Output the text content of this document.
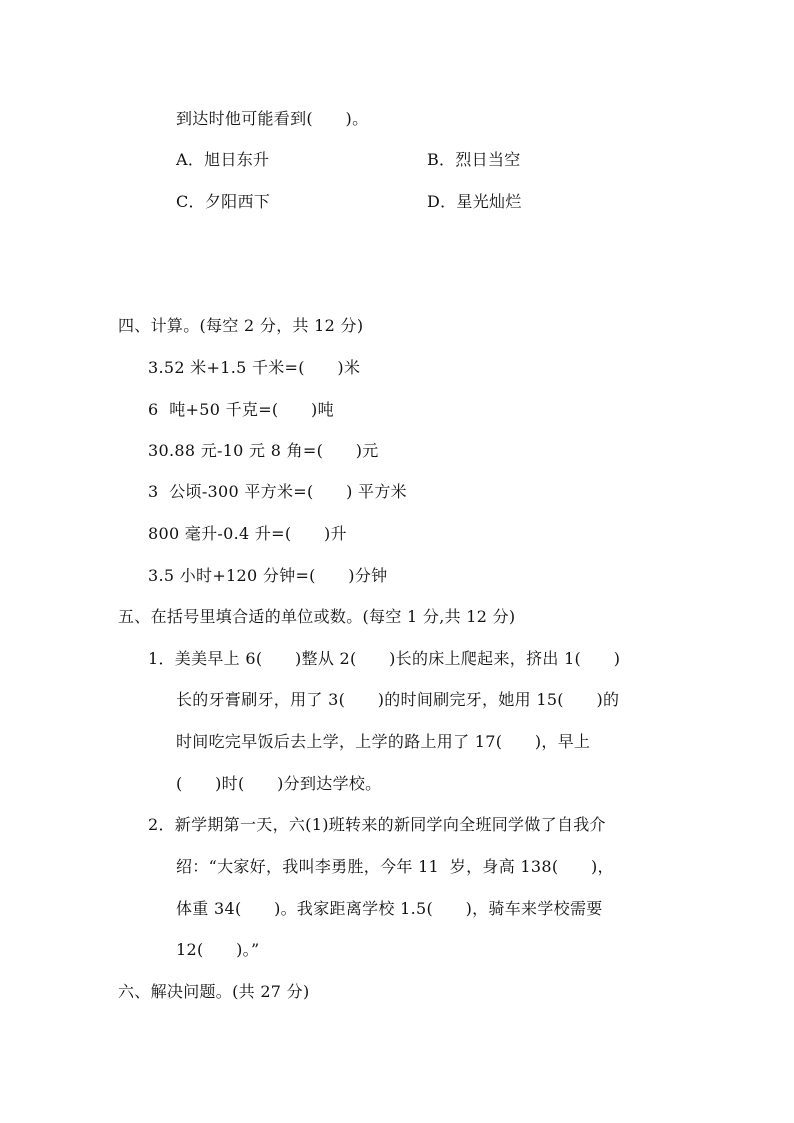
到达时他可能看到(　　)。
A．旭日东升	B．烈日当空
C．夕阳西下	D．星光灿烂
四、计算。(每空 2 分，共 12 分)
3.52 米+1.5 千米=(　　)米
6  吨+50 千克=(　　)吨
30.88 元-10 元 8 角=(　　)元
3  公顷-300 平方米=(　　) 平方米
800 毫升-0.4 升=(　　)升
3.5 小时+120 分钟=(　　)分钟
五、在括号里填合适的单位或数。(每空 1 分,共 12 分)
1．美美早上 6(　　)整从 2(　　)长的床上爬起来，挤出 1(　　)
长的牙膏刷牙，用了 3(　　)的时间刷完牙，她用 15(　　)的
时间吃完早饭后去上学，上学的路上用了 17(　　)，早上
(　　)时(　　)分到达学校。
2．新学期第一天，六(1)班转来的新同学向全班同学做了自我介
绍：“大家好，我叫李勇胜，今年 11  岁，身高 138(　　)，
体重 34(　　)。我家距离学校 1.5(　　)，骑车来学校需要
12(　　)。”
六、解决问题。(共 27 分)
